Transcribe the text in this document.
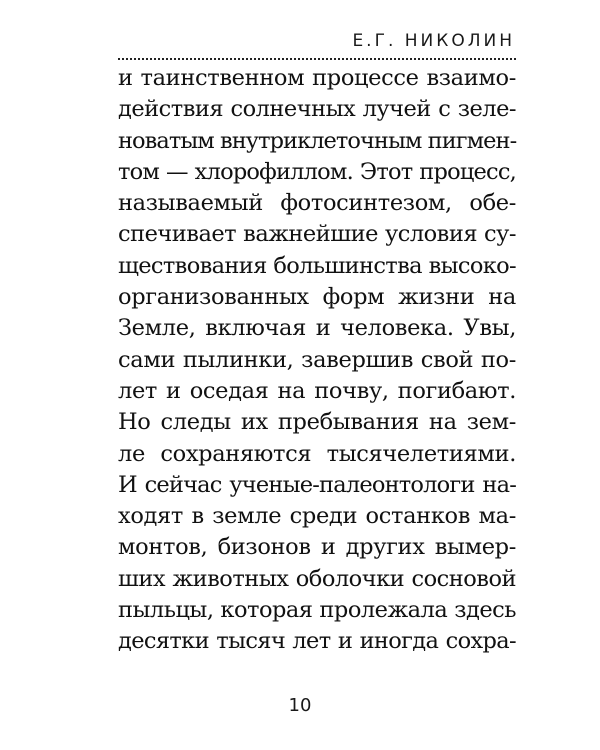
Е.Г. НИКОЛИН
и таинственном процессе взаимо-
действия солнечных лучей с зеле-
новатым внутриклеточным пигмен-
том — хлорофиллом. Этот процесс,
называемый фотосинтезом, обе-
спечивает важнейшие условия су-
ществования большинства высоко-
организованных форм жизни на
Земле, включая и человека. Увы,
сами пылинки, завершив свой по-
лет и оседая на почву, погибают.
Но следы их пребывания на зем-
ле сохраняются тысячелетиями.
И сейчас ученые-палеонтологи на-
ходят в земле среди останков ма-
монтов, бизонов и других вымер-
ших животных оболочки сосновой
пыльцы, которая пролежала здесь
десятки тысяч лет и иногда сохра-
10
